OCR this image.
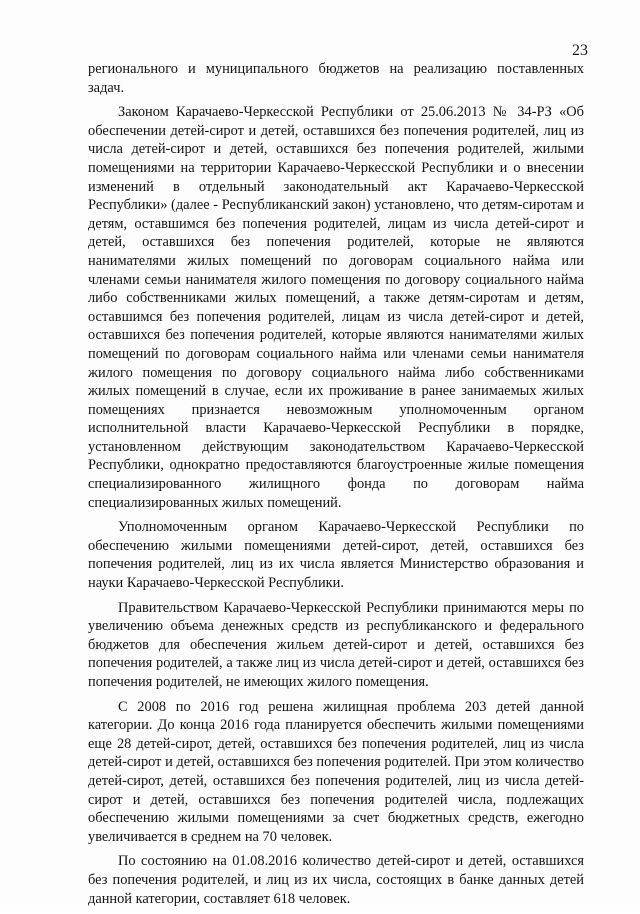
23

регионального и муниципального бюджетов на реализацию поставленных задач.

Законом Карачаево-Черкесской Республики от 25.06.2013 № 34-РЗ «Об обеспечении детей-сирот и детей, оставшихся без попечения родителей, лиц из числа детей-сирот и детей, оставшихся без попечения родителей, жилыми помещениями на территории Карачаево-Черкесской Республики и о внесении изменений в отдельный законодательный акт Карачаево-Черкесской Республики» (далее - Республиканский закон) установлено, что детям-сиротам и детям, оставшимся без попечения родителей, лицам из числа детей-сирот и детей, оставшихся без попечения родителей, которые не являются нанимателями жилых помещений по договорам социального найма или членами семьи нанимателя жилого помещения по договору социального найма либо собственниками жилых помещений, а также детям-сиротам и детям, оставшимся без попечения родителей, лицам из числа детей-сирот и детей, оставшихся без попечения родителей, которые являются нанимателями жилых помещений по договорам социального найма или членами семьи нанимателя жилого помещения по договору социального найма либо собственниками жилых помещений в случае, если их проживание в ранее занимаемых жилых помещениях признается невозможным уполномоченным органом исполнительной власти Карачаево-Черкесской Республики в порядке, установленном действующим законодательством Карачаево-Черкесской Республики, однократно предоставляются благоустроенные жилые помещения специализированного жилищного фонда по договорам найма специализированных жилых помещений.

Уполномоченным органом Карачаево-Черкесской Республики по обеспечению жилыми помещениями детей-сирот, детей, оставшихся без попечения родителей, лиц из их числа является Министерство образования и науки Карачаево-Черкесской Республики.

Правительством Карачаево-Черкесской Республики принимаются меры по увеличению объема денежных средств из республиканского и федерального бюджетов для обеспечения жильем детей-сирот и детей, оставшихся без попечения родителей, а также лиц из числа детей-сирот и детей, оставшихся без попечения родителей, не имеющих жилого помещения.

С 2008 по 2016 год решена жилищная проблема 203 детей данной категории. До конца 2016 года планируется обеспечить жилыми помещениями еще 28 детей-сирот, детей, оставшихся без попечения родителей, лиц из числа детей-сирот и детей, оставшихся без попечения родителей. При этом количество детей-сирот, детей, оставшихся без попечения родителей, лиц из числа детей-сирот и детей, оставшихся без попечения родителей числа, подлежащих обеспечению жилыми помещениями за счет бюджетных средств, ежегодно увеличивается в среднем на 70 человек.

По состоянию на 01.08.2016 количество детей-сирот и детей, оставшихся без попечения родителей, и лиц из их числа, состоящих в банке данных детей данной категории, составляет 618 человек.
